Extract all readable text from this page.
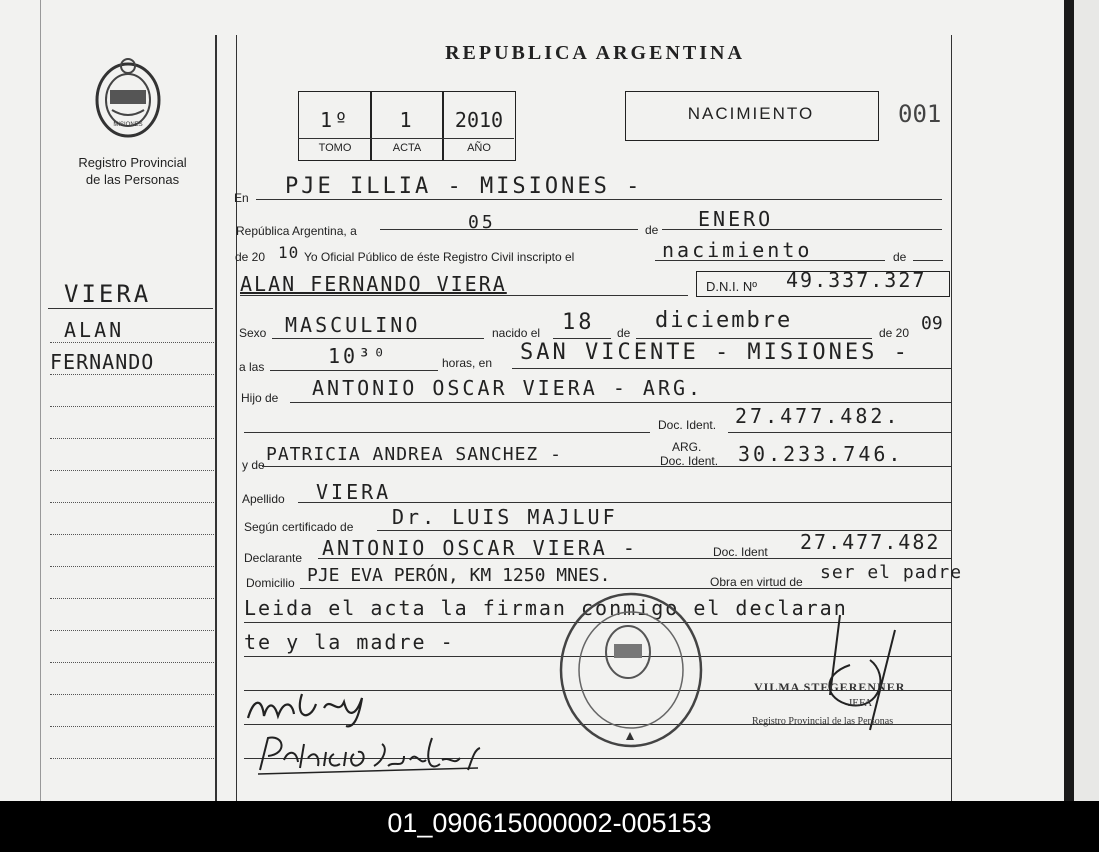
REPUBLICA ARGENTINA
MISIONES
Registro Provincial
de las Personas
1º	1	2010
TOMO	ACTA	AÑO
NACIMIENTO	001
VIERA
ALAN
FERNANDO
En PJE ILLIA - MISIONES -
República Argentina, a	05	de ENERO
de 20 10 Yo Oficial Público de éste Registro Civil inscripto el	nacimiento	de
ALAN FERNANDO VIERA	D.N.I. Nº 49.337.327
Sexo MASCULINO	nacido el 18 de diciembre	de 20 09
a las	10³⁰	horas, en SAN VICENTE - MISIONES -
Hijo de ANTONIO OSCAR VIERA - ARG.
Doc. Ident. 27.477.482.
y de PATRICIA ANDREA SANCHEZ -	ARG.
Doc. Ident. 30.233.746.
Apellido VIERA
Según certificado de Dr. LUIS MAJLUF
Declarante ANTONIO OSCAR VIERA -	Doc. Ident 27.477.482
Domicilio PJE EVA PERÓN, KM 1250 MNES.	Obra en virtud de ser el padre
Leida el acta la firman conmigo el declaran
te y la madre -
VILMA STEGERENNER
JEFA
Registro Provincial de las Personas
01_090615000002-005153
